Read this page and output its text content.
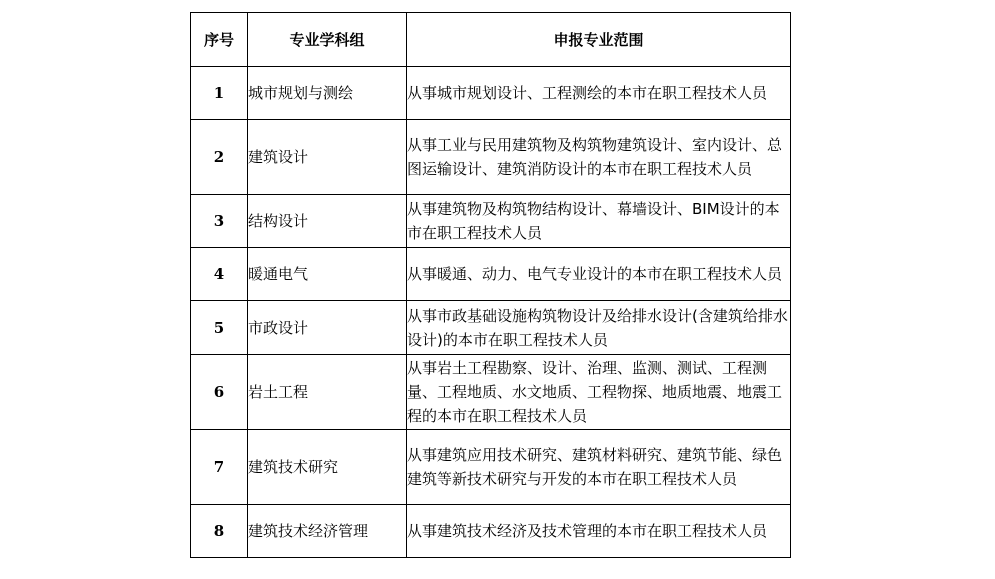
序号	专业学科组	申报专业范围
1	城市规划与测绘	从事城市规划设计、工程测绘的本市在职工程技术人员
2	建筑设计	从事工业与民用建筑物及构筑物建筑设计、室内设计、总图运输设计、建筑消防设计的本市在职工程技术人员
3	结构设计	从事建筑物及构筑物结构设计、幕墙设计、BIM设计的本市在职工程技术人员
4	暖通电气	从事暖通、动力、电气专业设计的本市在职工程技术人员
5	市政设计	从事市政基础设施构筑物设计及给排水设计(含建筑给排水设计)的本市在职工程技术人员
6	岩土工程	从事岩土工程勘察、设计、治理、监测、测试、工程测量、工程地质、水文地质、工程物探、地质地震、地震工程的本市在职工程技术人员
7	建筑技术研究	从事建筑应用技术研究、建筑材料研究、建筑节能、绿色建筑等新技术研究与开发的本市在职工程技术人员
8	建筑技术经济管理	从事建筑技术经济及技术管理的本市在职工程技术人员
